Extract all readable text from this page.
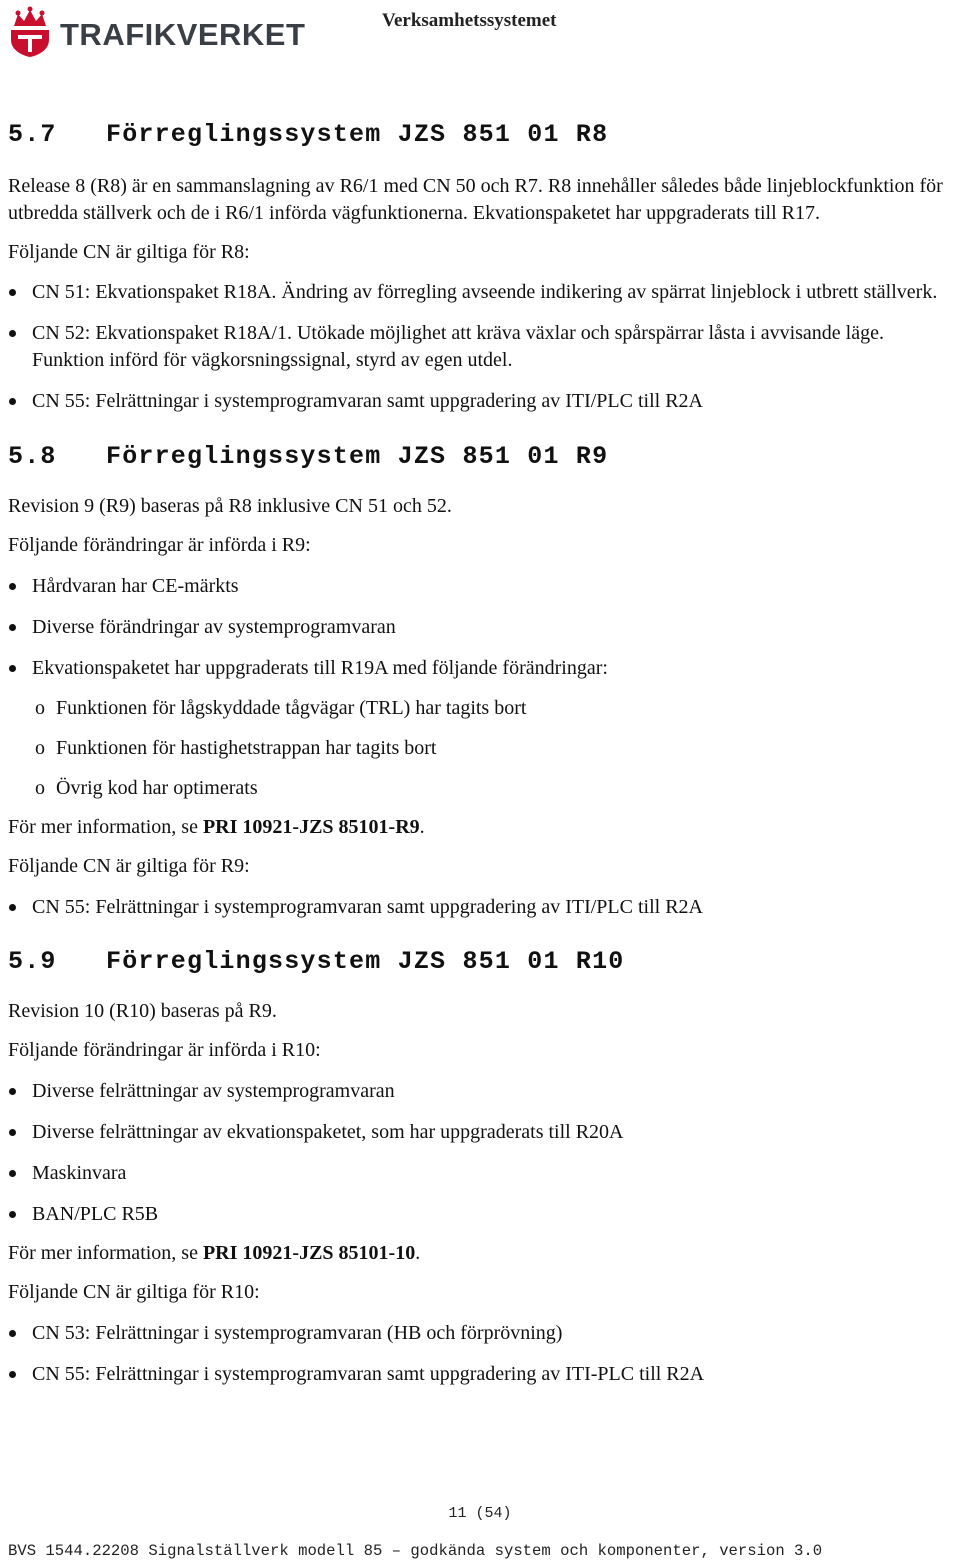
TRAFIKVERKET	Verksamhetssystemet
5.7 Förreglingssystem JZS 851 01 R8

Release 8 (R8) är en sammanslagning av R6/1 med CN 50 och R7. R8 innehåller således både linjeblockfunktion för utbredda ställverk och de i R6/1 införda vägfunktionerna. Ekvationspaketet har uppgraderats till R17.

Följande CN är giltiga för R8:

CN 51: Ekvationspaket R18A. Ändring av förregling avseende indikering av spärrat linjeblock i utbrett ställverk.
CN 52: Ekvationspaket R18A/1. Utökade möjlighet att kräva växlar och spårspärrar låsta i avvisande läge. Funktion införd för vägkorsningssignal, styrd av egen utdel.
CN 55: Felrättningar i systemprogramvaran samt uppgradering av ITI/PLC till R2A
5.8 Förreglingssystem JZS 851 01 R9

Revision 9 (R9) baseras på R8 inklusive CN 51 och 52.

Följande förändringar är införda i R9:

Hårdvaran har CE-märkts
Diverse förändringar av systemprogramvaran
Ekvationspaketet har uppgraderats till R19A med följande förändringar:
o Funktionen för lågskyddade tågvägar (TRL) har tagits bort
o Funktionen för hastighetstrappan har tagits bort
o Övrig kod har optimerats

För mer information, se PRI 10921-JZS 85101-R9.

Följande CN är giltiga för R9:

CN 55: Felrättningar i systemprogramvaran samt uppgradering av ITI/PLC till R2A
5.9 Förreglingssystem JZS 851 01 R10

Revision 10 (R10) baseras på R9.

Följande förändringar är införda i R10:

Diverse felrättningar av systemprogramvaran
Diverse felrättningar av ekvationspaketet, som har uppgraderats till R20A
Maskinvara
BAN/PLC R5B

För mer information, se PRI 10921-JZS 85101-10.

Följande CN är giltiga för R10:

CN 53: Felrättningar i systemprogramvaran (HB och förprövning)
CN 55: Felrättningar i systemprogramvaran samt uppgradering av ITI-PLC till R2A
11 (54)
BVS 1544.22208 Signalställverk modell 85 – godkända system och komponenter, version 3.0
